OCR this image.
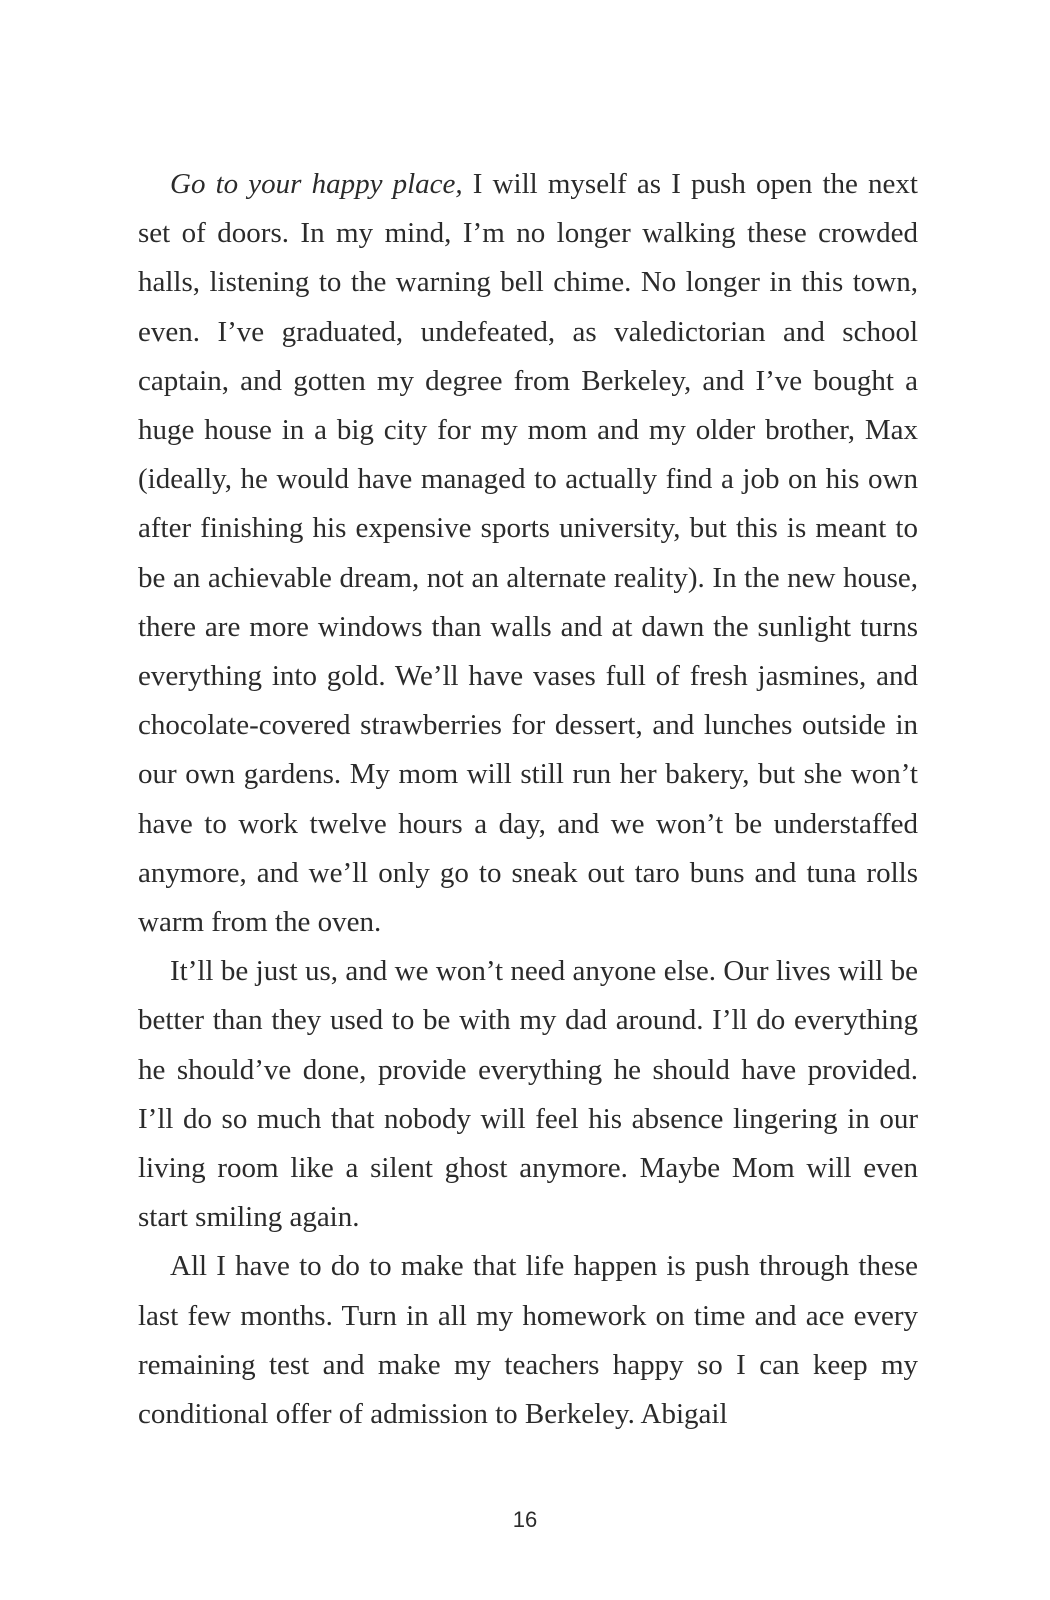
Go to your happy place, I will myself as I push open the next set of doors. In my mind, I’m no longer walking these crowded halls, listening to the warning bell chime. No longer in this town, even. I’ve graduated, undefeated, as valedictorian and school captain, and gotten my degree from Berkeley, and I’ve bought a huge house in a big city for my mom and my older brother, Max (ideally, he would have managed to actually find a job on his own after finishing his expensive sports university, but this is meant to be an achievable dream, not an alternate reality). In the new house, there are more windows than walls and at dawn the sunlight turns everything into gold. We’ll have vases full of fresh jasmines, and chocolate-covered strawberries for dessert, and lunches outside in our own gardens. My mom will still run her bakery, but she won’t have to work twelve hours a day, and we won’t be understaffed anymore, and we’ll only go to sneak out taro buns and tuna rolls warm from the oven.

It’ll be just us, and we won’t need anyone else. Our lives will be better than they used to be with my dad around. I’ll do everything he should’ve done, provide everything he should have provided. I’ll do so much that nobody will feel his absence lingering in our living room like a silent ghost anymore. Maybe Mom will even start smiling again.

All I have to do to make that life happen is push through these last few months. Turn in all my homework on time and ace every remaining test and make my teachers happy so I can keep my conditional offer of admission to Berkeley. Abigail

16
